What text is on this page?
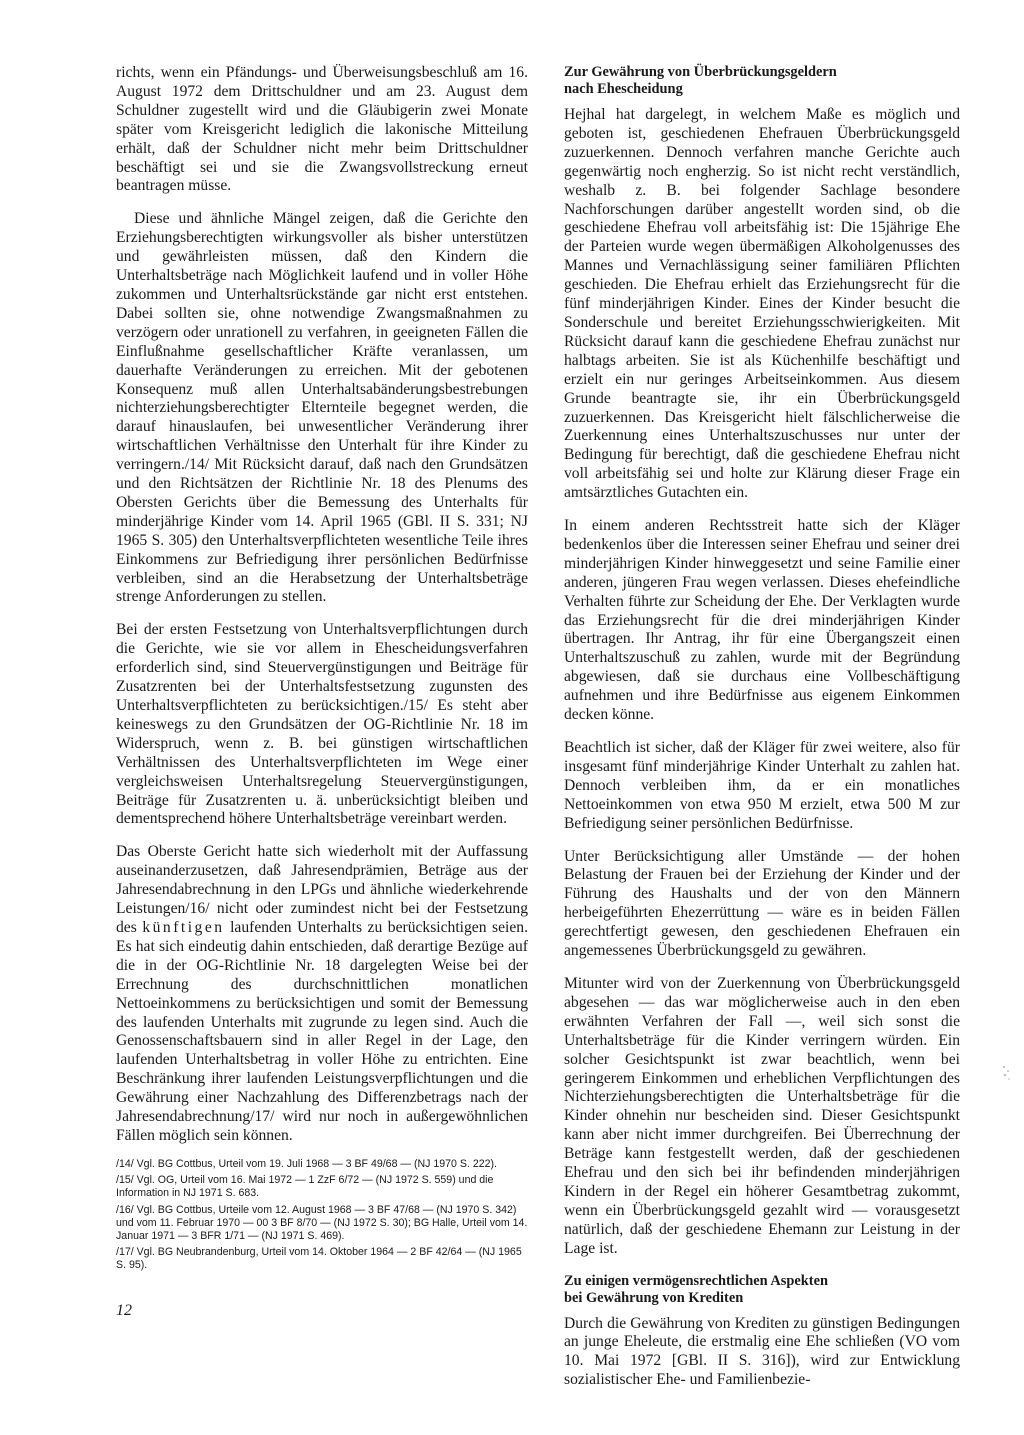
richts, wenn ein Pfändungs- und Überweisungsbeschluß am 16. August 1972 dem Drittschuldner und am 23. August dem Schuldner zugestellt wird und die Gläubigerin zwei Monate später vom Kreisgericht lediglich die lakonische Mitteilung erhält, daß der Schuldner nicht mehr beim Drittschuldner beschäftigt sei und sie die Zwangsvollstreckung erneut beantragen müsse.

Diese und ähnliche Mängel zeigen, daß die Gerichte den Erziehungsberechtigten wirkungsvoller als bisher unterstützen und gewährleisten müssen, daß den Kindern die Unterhaltsbeträge nach Möglichkeit laufend und in voller Höhe zukommen und Unterhaltsrückstände gar nicht erst entstehen. Dabei sollten sie, ohne notwendige Zwangsmaßnahmen zu verzögern oder unrationell zu verfahren, in geeigneten Fällen die Einflußnahme gesellschaftlicher Kräfte veranlassen, um dauerhafte Veränderungen zu erreichen. Mit der gebotenen Konsequenz muß allen Unterhaltsabänderungsbestrebungen nichterziehungsberechtigter Elternteile begegnet werden, die darauf hinauslaufen, bei unwesentlicher Veränderung ihrer wirtschaftlichen Verhältnisse den Unterhalt für ihre Kinder zu verringern./14/ Mit Rücksicht darauf, daß nach den Grundsätzen und den Richtsätzen der Richtlinie Nr. 18 des Plenums des Obersten Gerichts über die Bemessung des Unterhalts für minderjährige Kinder vom 14. April 1965 (GBl. II S. 331; NJ 1965 S. 305) den Unterhaltsverpflichteten wesentliche Teile ihres Einkommens zur Befriedigung ihrer persönlichen Bedürfnisse verbleiben, sind an die Herabsetzung der Unterhaltsbeträge strenge Anforderungen zu stellen.

Bei der ersten Festsetzung von Unterhaltsverpflichtungen durch die Gerichte, wie sie vor allem in Ehescheidungsverfahren erforderlich sind, sind Steuervergünstigungen und Beiträge für Zusatzrenten bei der Unterhaltsfestsetzung zugunsten des Unterhaltsverpflichteten zu berücksichtigen./15/ Es steht aber keineswegs zu den Grundsätzen der OG-Richtlinie Nr. 18 im Widerspruch, wenn z. B. bei günstigen wirtschaftlichen Verhältnissen des Unterhaltsverpflichteten im Wege einer vergleichsweisen Unterhaltsregelung Steuervergünstigungen, Beiträge für Zusatzrenten u. ä. unberücksichtigt bleiben und dementsprechend höhere Unterhaltsbeträge vereinbart werden.

Das Oberste Gericht hatte sich wiederholt mit der Auffassung auseinanderzusetzen, daß Jahresendprämien, Beträge aus der Jahresendabrechnung in den LPGs und ähnliche wiederkehrende Leistungen/16/ nicht oder zumindest nicht bei der Festsetzung des künftigen laufenden Unterhalts zu berücksichtigen seien. Es hat sich eindeutig dahin entschieden, daß derartige Bezüge auf die in der OG-Richtlinie Nr. 18 dargelegten Weise bei der Errechnung des durchschnittlichen monatlichen Nettoeinkommens zu berücksichtigen und somit der Bemessung des laufenden Unterhalts mit zugrunde zu legen sind. Auch die Genossenschaftsbauern sind in aller Regel in der Lage, den laufenden Unterhaltsbetrag in voller Höhe zu entrichten. Eine Beschränkung ihrer laufenden Leistungsverpflichtungen und die Gewährung einer Nachzahlung des Differenzbetrags nach der Jahresendabrechnung/17/ wird nur noch in außergewöhnlichen Fällen möglich sein können.

/14/ Vgl. BG Cottbus, Urteil vom 19. Juli 1968 — 3 BF 49/68 — (NJ 1970 S. 222).

/15/ Vgl. OG, Urteil vom 16. Mai 1972 — 1 ZzF 6/72 — (NJ 1972 S. 559) und die Information in NJ 1971 S. 683.

/16/ Vgl. BG Cottbus, Urteile vom 12. August 1968 — 3 BF 47/68 — (NJ 1970 S. 342) und vom 11. Februar 1970 — 00 3 BF 8/70 — (NJ 1972 S. 30); BG Halle, Urteil vom 14. Januar 1971 — 3 BFR 1/71 — (NJ 1971 S. 469).

/17/ Vgl. BG Neubrandenburg, Urteil vom 14. Oktober 1964 — 2 BF 42/64 — (NJ 1965 S. 95).

12
Zur Gewährung von Überbrückungsgeldern
nach Ehescheidung

Hejhal hat dargelegt, in welchem Maße es möglich und geboten ist, geschiedenen Ehefrauen Überbrückungsgeld zuzuerkennen. Dennoch verfahren manche Gerichte auch gegenwärtig noch engherzig. So ist nicht recht verständlich, weshalb z. B. bei folgender Sachlage besondere Nachforschungen darüber angestellt worden sind, ob die geschiedene Ehefrau voll arbeitsfähig ist: Die 15jährige Ehe der Parteien wurde wegen übermäßigen Alkoholgenusses des Mannes und Vernachlässigung seiner familiären Pflichten geschieden. Die Ehefrau erhielt das Erziehungsrecht für die fünf minderjährigen Kinder. Eines der Kinder besucht die Sonderschule und bereitet Erziehungsschwierigkeiten. Mit Rücksicht darauf kann die geschiedene Ehefrau zunächst nur halbtags arbeiten. Sie ist als Küchenhilfe beschäftigt und erzielt ein nur geringes Arbeitseinkommen. Aus diesem Grunde beantragte sie, ihr ein Überbrückungsgeld zuzuerkennen. Das Kreisgericht hielt fälschlicherweise die Zuerkennung eines Unterhaltszuschusses nur unter der Bedingung für berechtigt, daß die geschiedene Ehefrau nicht voll arbeitsfähig sei und holte zur Klärung dieser Frage ein amtsärztliches Gutachten ein.

In einem anderen Rechtsstreit hatte sich der Kläger bedenkenlos über die Interessen seiner Ehefrau und seiner drei minderjährigen Kinder hinweggesetzt und seine Familie einer anderen, jüngeren Frau wegen verlassen. Dieses ehefeindliche Verhalten führte zur Scheidung der Ehe. Der Verklagten wurde das Erziehungsrecht für die drei minderjährigen Kinder übertragen. Ihr Antrag, ihr für eine Übergangszeit einen Unterhaltszuschuß zu zahlen, wurde mit der Begründung abgewiesen, daß sie durchaus eine Vollbeschäftigung aufnehmen und ihre Bedürfnisse aus eigenem Einkommen decken könne.

Beachtlich ist sicher, daß der Kläger für zwei weitere, also für insgesamt fünf minderjährige Kinder Unterhalt zu zahlen hat. Dennoch verbleiben ihm, da er ein monatliches Nettoeinkommen von etwa 950 M erzielt, etwa 500 M zur Befriedigung seiner persönlichen Bedürfnisse.

Unter Berücksichtigung aller Umstände — der hohen Belastung der Frauen bei der Erziehung der Kinder und der Führung des Haushalts und der von den Männern herbeigeführten Ehezerrüttung — wäre es in beiden Fällen gerechtfertigt gewesen, den geschiedenen Ehefrauen ein angemessenes Überbrückungsgeld zu gewähren.

Mitunter wird von der Zuerkennung von Überbrückungsgeld abgesehen — das war möglicherweise auch in den eben erwähnten Verfahren der Fall —, weil sich sonst die Unterhaltsbeträge für die Kinder verringern würden. Ein solcher Gesichtspunkt ist zwar beachtlich, wenn bei geringerem Einkommen und erheblichen Verpflichtungen des Nichterziehungsberechtigten die Unterhaltsbeträge für die Kinder ohnehin nur bescheiden sind. Dieser Gesichtspunkt kann aber nicht immer durchgreifen. Bei Überrechnung der Beträge kann festgestellt werden, daß der geschiedenen Ehefrau und den sich bei ihr befindenden minderjährigen Kindern in der Regel ein höherer Gesamtbetrag zukommt, wenn ein Überbrückungsgeld gezahlt wird — vorausgesetzt natürlich, daß der geschiedene Ehemann zur Leistung in der Lage ist.

Zu einigen vermögensrechtlichen Aspekten
bei Gewährung von Krediten

Durch die Gewährung von Krediten zu günstigen Bedingungen an junge Eheleute, die erstmalig eine Ehe schließen (VO vom 10. Mai 1972 [GBl. II S. 316]), wird zur Entwicklung sozialistischer Ehe- und Familienbezie-
